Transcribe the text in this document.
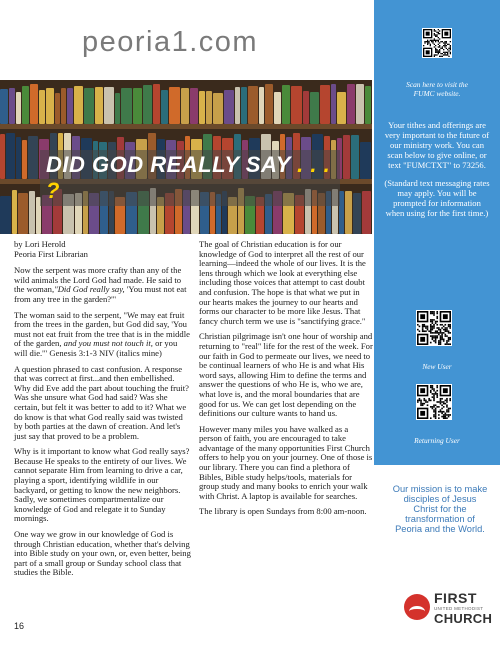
peoria1.com
DID GOD REALLY SAY . . . ?

by Lori Herold
Peoria First Librarian

Now the serpent was more crafty than any of the wild animals the Lord God had made. He said to the woman,"Did God really say, 'You must not eat from any tree in the garden?'"

The woman said to the serpent, "We may eat fruit from the trees in the garden, but God did say, 'You must not eat fruit from the tree that is in the middle of the garden, and you must not touch it, or you will die.'" Genesis 3:1-3 NIV (italics mine)

A question phrased to cast confusion. A response that was correct at first...and then embellished. Why did Eve add the part about touching the fruit? Was she unsure what God had said? Was she certain, but felt it was better to add to it? What we do know is that what God really said was twisted by both parties at the dawn of creation. And let's just say that proved to be a problem.

Why is it important to know what God really says? Because He speaks to the entirety of our lives. We cannot separate Him from learning to drive a car, playing a sport, identifying wildlife in our backyard, or getting to know the new neighbors. Sadly, we sometimes compartmentalize our knowledge of God and relegate it to Sunday mornings.

One way we grow in our knowledge of God is through Christian education, whether that's delving into Bible study on your own, or, even better, being part of a small group or Sunday school class that studies the Bible.

The goal of Christian education is for our knowledge of God to interpret all the rest of our learning—indeed the whole of our lives. It is the lens through which we look at everything else including those voices that attempt to cast doubt and confusion. The hope is that what we put in our hearts makes the journey to our hearts and forms our character to be more like Jesus. That fancy church term we use is "sanctifying grace."

Christian pilgrimage isn't one hour of worship and returning to "real" life for the rest of the week. For our faith in God to permeate our lives, we need to be continual learners of who He is and what His word says, allowing Him to define the terms and answer the questions of who He is, who we are, what love is, and the moral boundaries that are good for us. We can get lost depending on the definitions our culture wants to hand us.

However many miles you have walked as a person of faith, you are encouraged to take advantage of the many opportunities First Church offers to help you on your journey. One of those is our library. There you can find a plethora of Bibles, Bible study helps/tools, materials for group study and many books to enrich your walk with Christ. A laptop is available for searches.

The library is open Sundays from 8:00 am-noon.

16
Scan here to visit the FUMC website.

Your tithes and offerings are very important to the future of our ministry work. You can scan below to give online, or text "FUMCTXT" to 73256.

(Standard text messaging rates may apply. You will be prompted for information when using for the first time.)

New User
Returning User
Our mission is to make disciples of Jesus Christ for the transformation of Peoria and the World.
FIRST
UNITED METHODIST
CHURCH
